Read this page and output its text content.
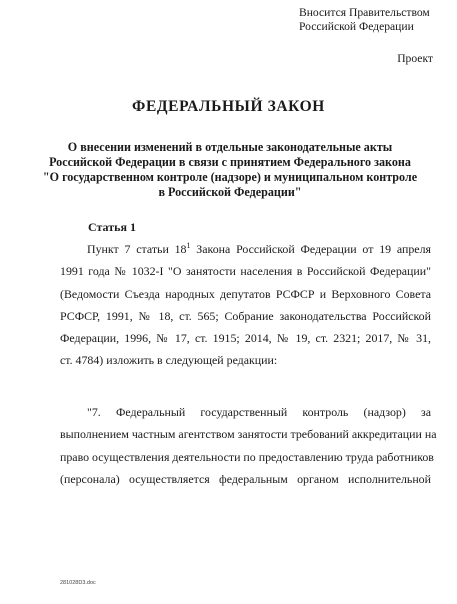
Вносится Правительством
Российской Федерации
Проект
ФЕДЕРАЛЬНЫЙ ЗАКОН
О внесении изменений в отдельные законодательные акты
Российской Федерации в связи с принятием Федерального закона
"О государственном контроле (надзоре) и муниципальном контроле
в Российской Федерации"
Статья 1
Пункт 7 статьи $18^1$ Закона Российской Федерации от 19 апреля
1991 года № 1032-I "О занятости населения в Российской Федерации"
(Ведомости Съезда народных депутатов РСФСР и Верховного Совета
РСФСР, 1991, № 18, ст. 565; Собрание законодательства Российской
Федерации, 1996, № 17, ст. 1915; 2014, № 19, ст. 2321; 2017, № 31,
ст. 4784) изложить в следующей редакции:
"7. Федеральный государственный контроль (надзор) за
выполнением частным агентством занятости требований аккредитации на
право осуществления деятельности по предоставлению труда работников
(персонала) осуществляется федеральным органом исполнительной
281028D3.doc
